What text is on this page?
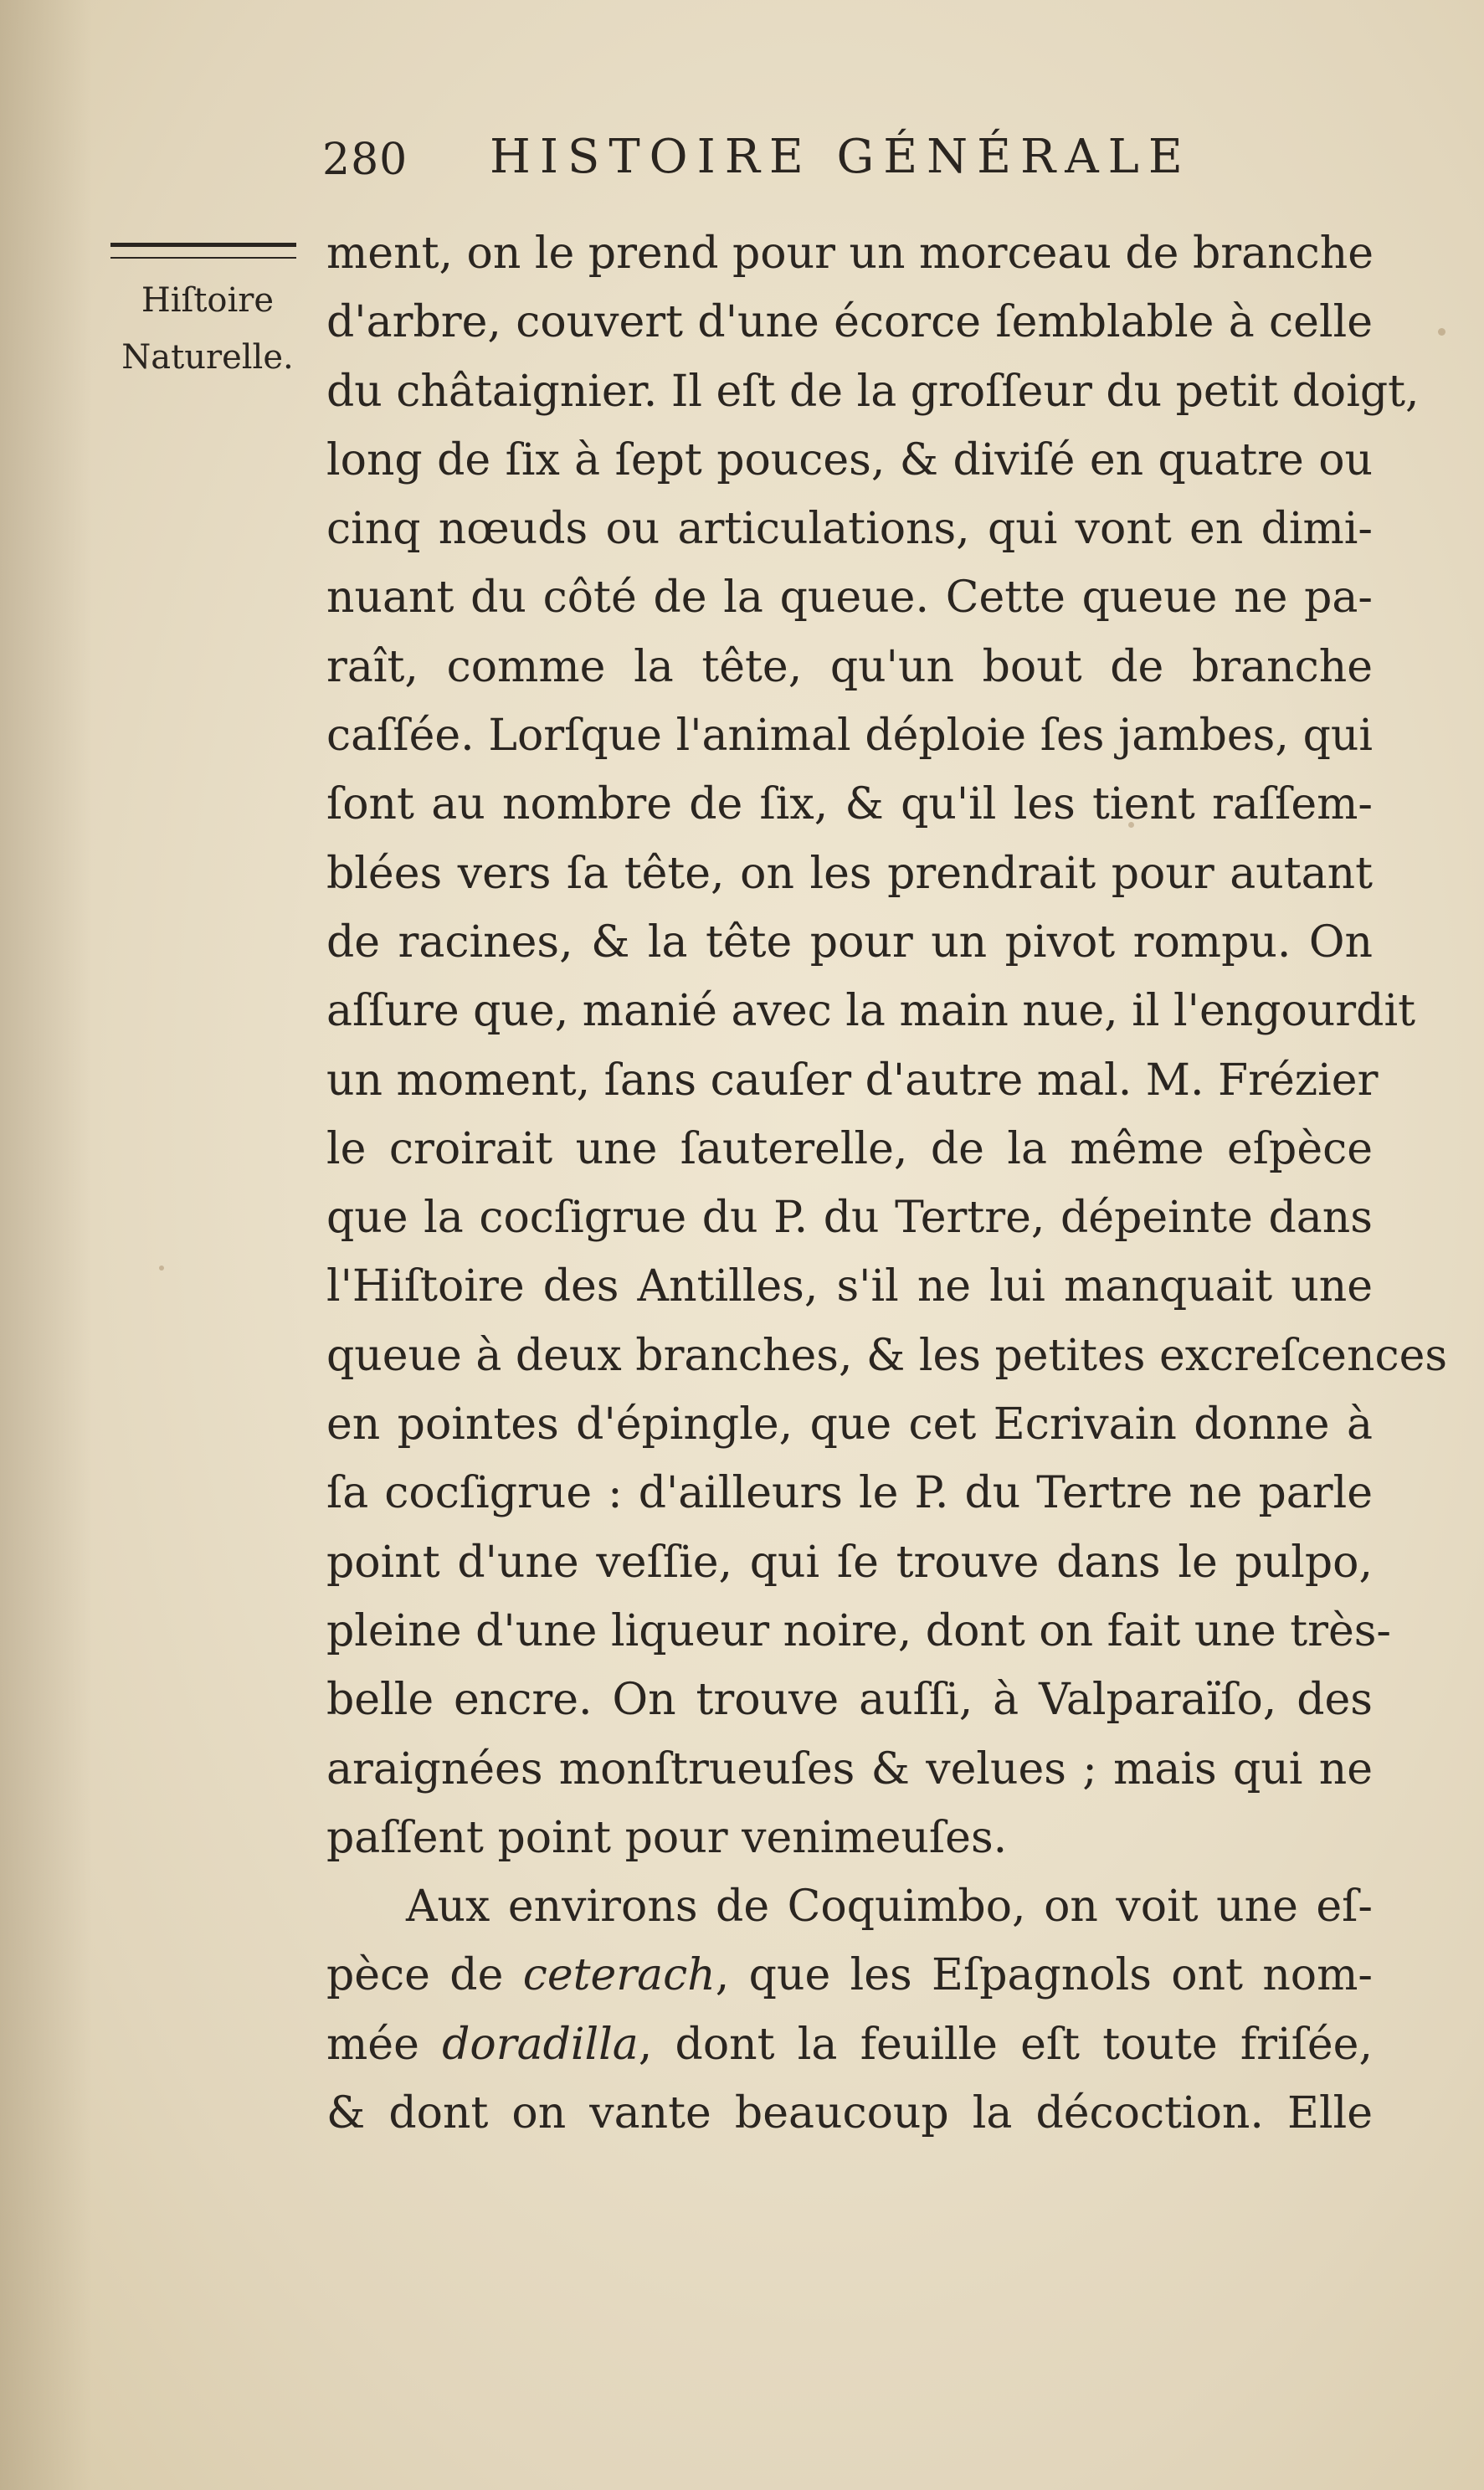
280 HISTOIRE GÉNÉRALE
Hiſtoire
Naturelle.
ment, on le prend pour un morceau de branche
d'arbre, couvert d'une écorce ſemblable à celle
du châtaignier. Il eſt de la groſſeur du petit doigt,
long de ſix à ſept pouces, & diviſé en quatre ou
cinq nœuds ou articulations, qui vont en dimi-
nuant du côté de la queue. Cette queue ne pa-
raît, comme la tête, qu'un bout de branche
caſſée. Lorſque l'animal déploie ſes jambes, qui
ſont au nombre de ſix, & qu'il les tient raſſem-
blées vers ſa tête, on les prendrait pour autant
de racines, & la tête pour un pivot rompu. On
aſſure que, manié avec la main nue, il l'engourdit
un moment, ſans cauſer d'autre mal. M. Frézier
le croirait une ſauterelle, de la même eſpèce
que la cocſigrue du P. du Tertre, dépeinte dans
l'Hiſtoire des Antilles, s'il ne lui manquait une
queue à deux branches, & les petites excreſcences
en pointes d'épingle, que cet Ecrivain donne à
ſa cocſigrue : d'ailleurs le P. du Tertre ne parle
point d'une veſſie, qui ſe trouve dans le pulpo,
pleine d'une liqueur noire, dont on fait une très-
belle encre. On trouve auſſi, à Valparaïſo, des
araignées monſtrueuſes & velues ; mais qui ne
paſſent point pour venimeuſes.
Aux environs de Coquimbo, on voit une eſ-
pèce de ceterach, que les Eſpagnols ont nom-
mée doradilla, dont la feuille eſt toute friſée,
& dont on vante beaucoup la décoction. Elle
